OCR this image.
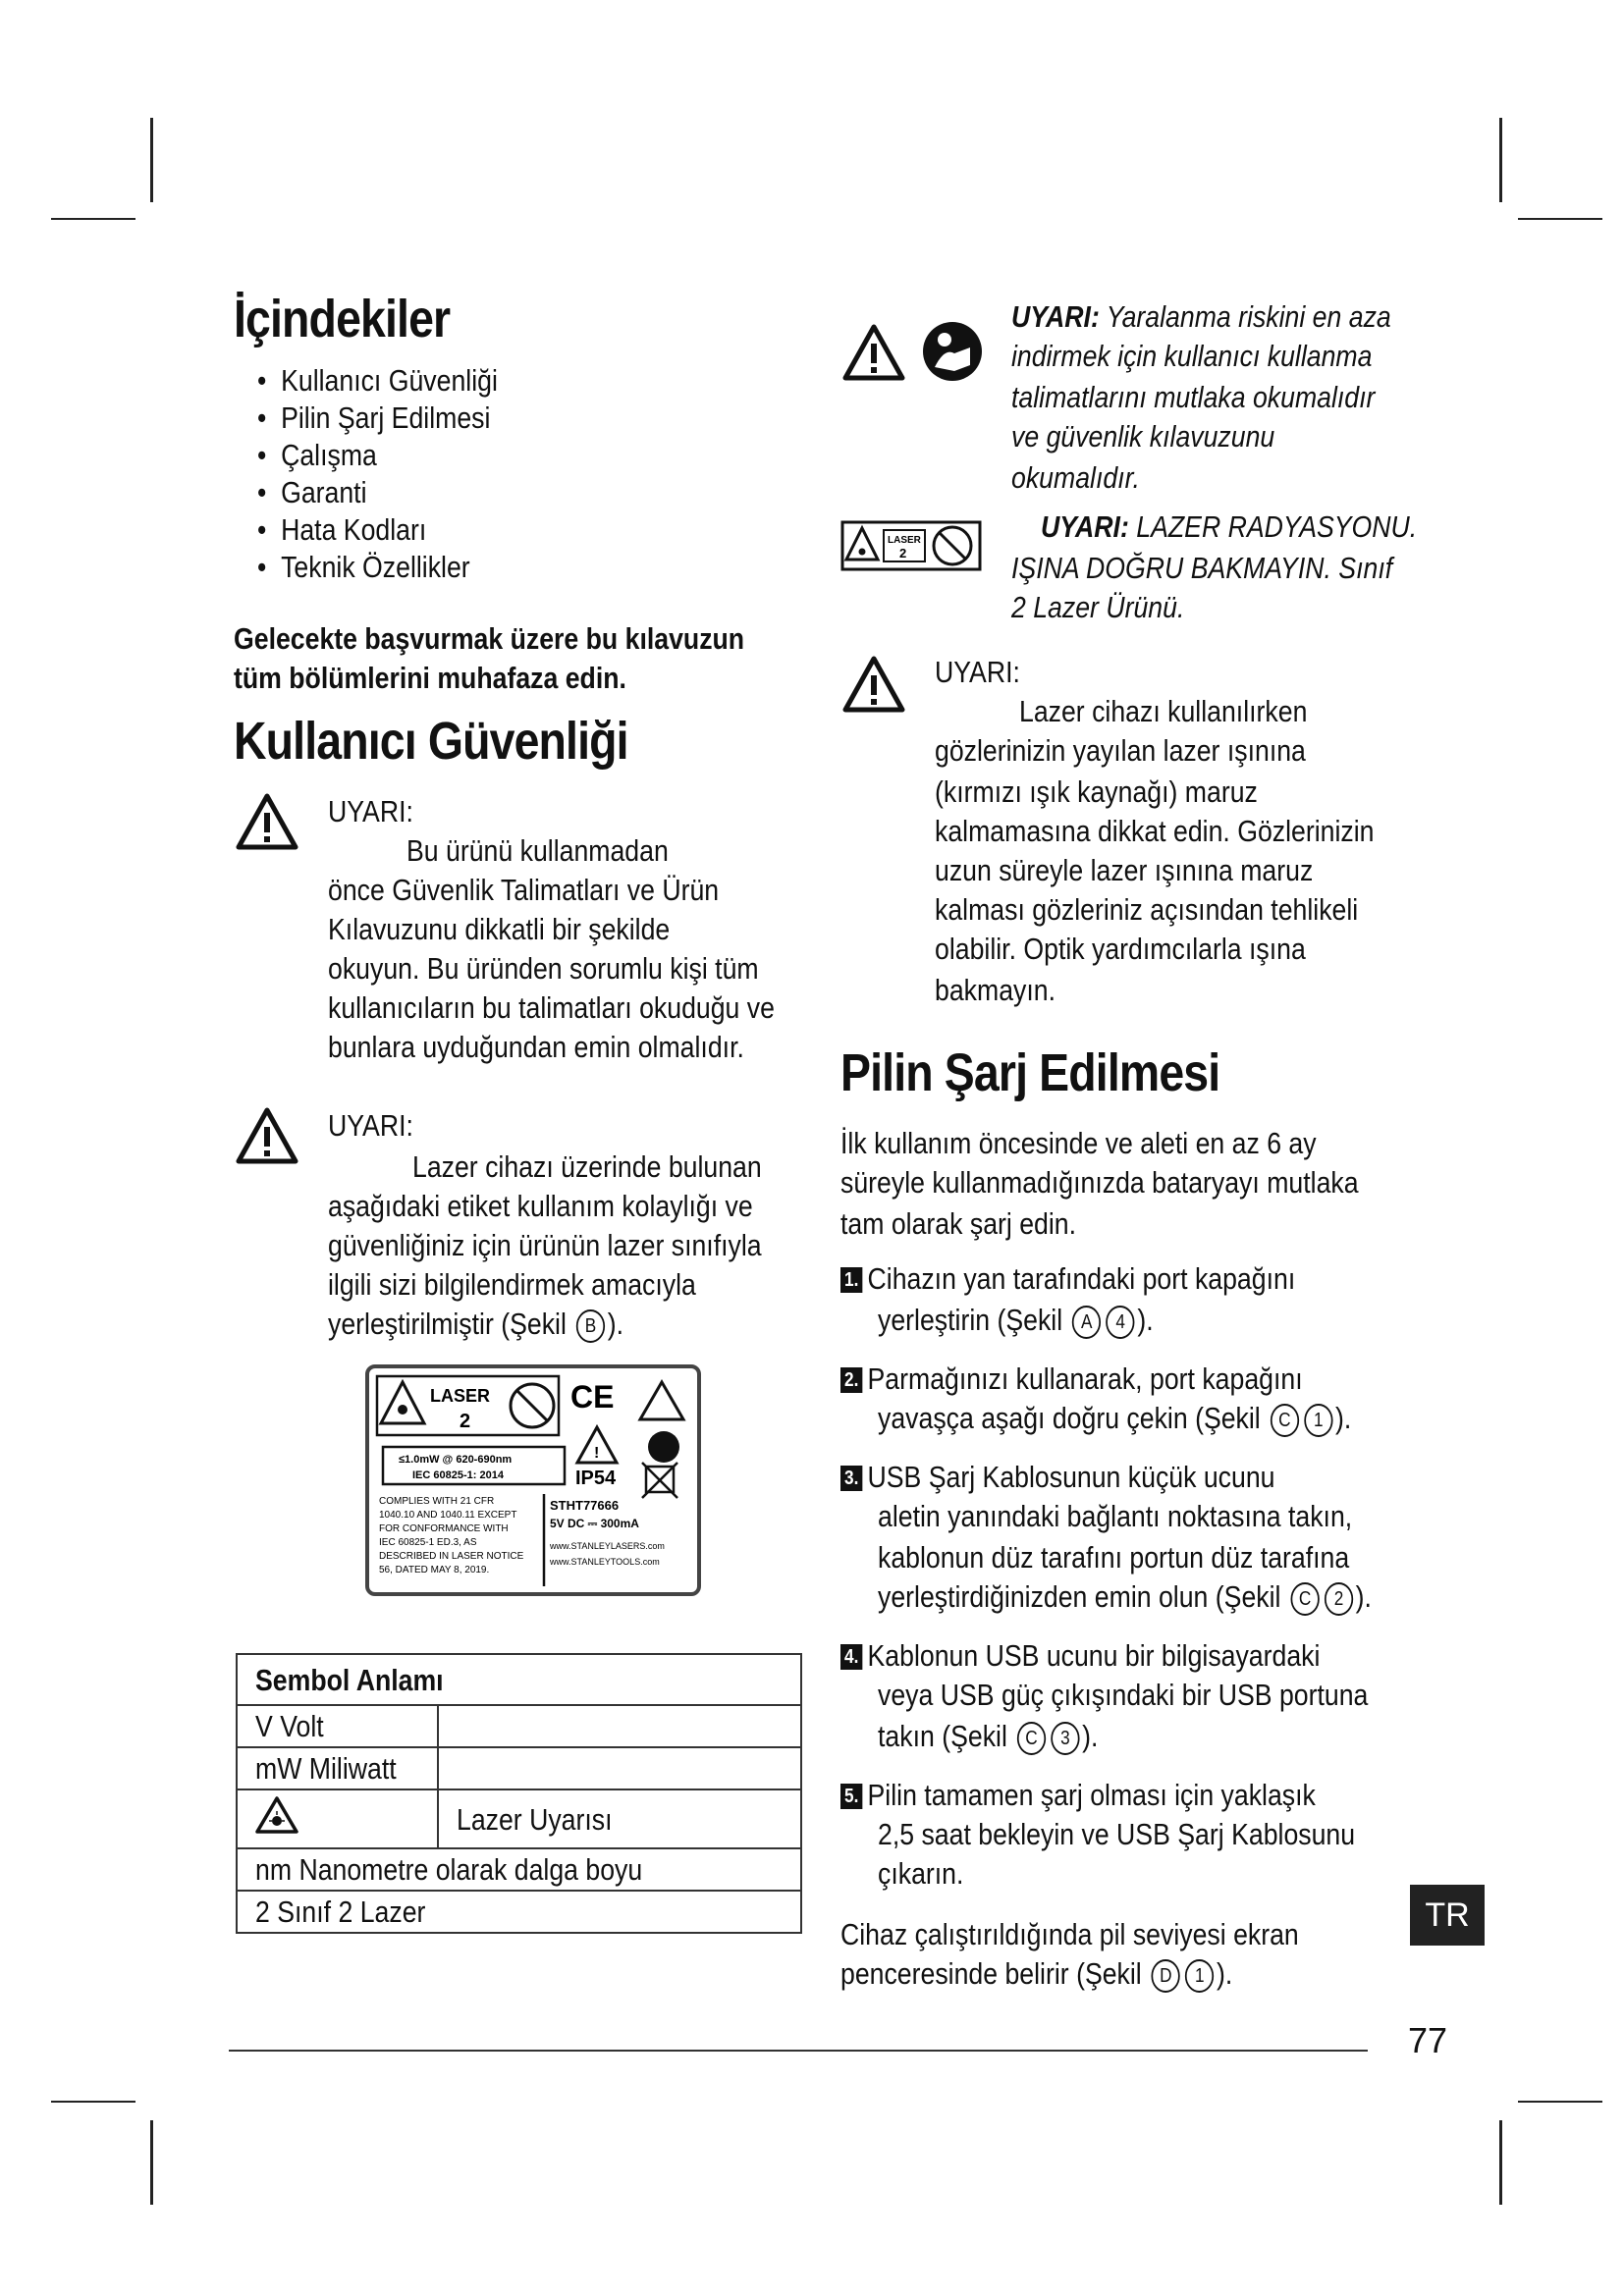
İçindekiler
• Kullanıcı Güvenliği
• Pilin Şarj Edilmesi
• Çalışma
• Garanti
• Hata Kodları
• Teknik Özellikler
Gelecekte başvurmak üzere bu kılavuzun
tüm bölümlerini muhafaza edin.
Kullanıcı Güvenliği
UYARI:
Bu ürünü kullanmadan
önce Güvenlik Talimatları ve Ürün
Kılavuzunu dikkatli bir şekilde
okuyun. Bu üründen sorumlu kişi tüm
kullanıcıların bu talimatları okuduğu ve
bunlara uyduğundan emin olmalıdır.
UYARI:
Lazer cihazı üzerinde bulunan
aşağıdaki etiket kullanım kolaylığı ve
güvenliğiniz için ürünün lazer sınıfıyla
ilgili sizi bilgilendirmek amacıyla
yerleştirilmiştir (Şekil B ).
LASER
2
CE
!
≤1.0mW @ 620-690nm
IEC 60825-1: 2014	IP54
COMPLIES WITH 21 CFR
1040.10 AND 1040.11 EXCEPT
FOR CONFORMANCE WITH
IEC 60825-1 ED.3, AS
DESCRIBED IN LASER NOTICE
56, DATED MAY 8, 2019.
STHT77666
5V DC ⎓ 300mA
www.STANLEYLASERS.com
www.STANLEYTOOLS.com
Sembol Anlamı	
V Volt	
mW Miliwatt	
	Lazer Uyarısı
nm Nanometre olarak dalga boyu	
2 Sınıf 2 Lazer	
UYARI: Yaralanma riskini en aza
indirmek için kullanıcı kullanma
talimatlarını mutlaka okumalıdır
ve güvenlik kılavuzunu
okumalıdır.
LASER
2
UYARI: LAZER RADYASYONU.
IŞINA DOĞRU BAKMAYIN. Sınıf
2 Lazer Ürünü.
UYARI:
Lazer cihazı kullanılırken
gözlerinizin yayılan lazer ışınına
(kırmızı ışık kaynağı) maruz
kalmamasına dikkat edin. Gözlerinizin
uzun süreyle lazer ışınına maruz
kalması gözleriniz açısından tehlikeli
olabilir. Optik yardımcılarla ışına
bakmayın.
Pilin Şarj Edilmesi
İlk kullanım öncesinde ve aleti en az 6 ay
süreyle kullanmadığınızda bataryayı mutlaka
tam olarak şarj edin.
1. Cihazın yan tarafındaki port kapağını
yerleştirin (Şekil A 4 ).
2. Parmağınızı kullanarak, port kapağını
yavaşça aşağı doğru çekin (Şekil C 1 ).
3. USB Şarj Kablosunun küçük ucunu
aletin yanındaki bağlantı noktasına takın,
kablonun düz tarafını portun düz tarafına
yerleştirdiğinizden emin olun (Şekil C 2 ).
4. Kablonun USB ucunu bir bilgisayardaki
veya USB güç çıkışındaki bir USB portuna
takın (Şekil C 3 ).
5. Pilin tamamen şarj olması için yaklaşık
2,5 saat bekleyin ve USB Şarj Kablosunu
çıkarın.
Cihaz çalıştırıldığında pil seviyesi ekran
penceresinde belirir (Şekil D 1 ).
TR
77
